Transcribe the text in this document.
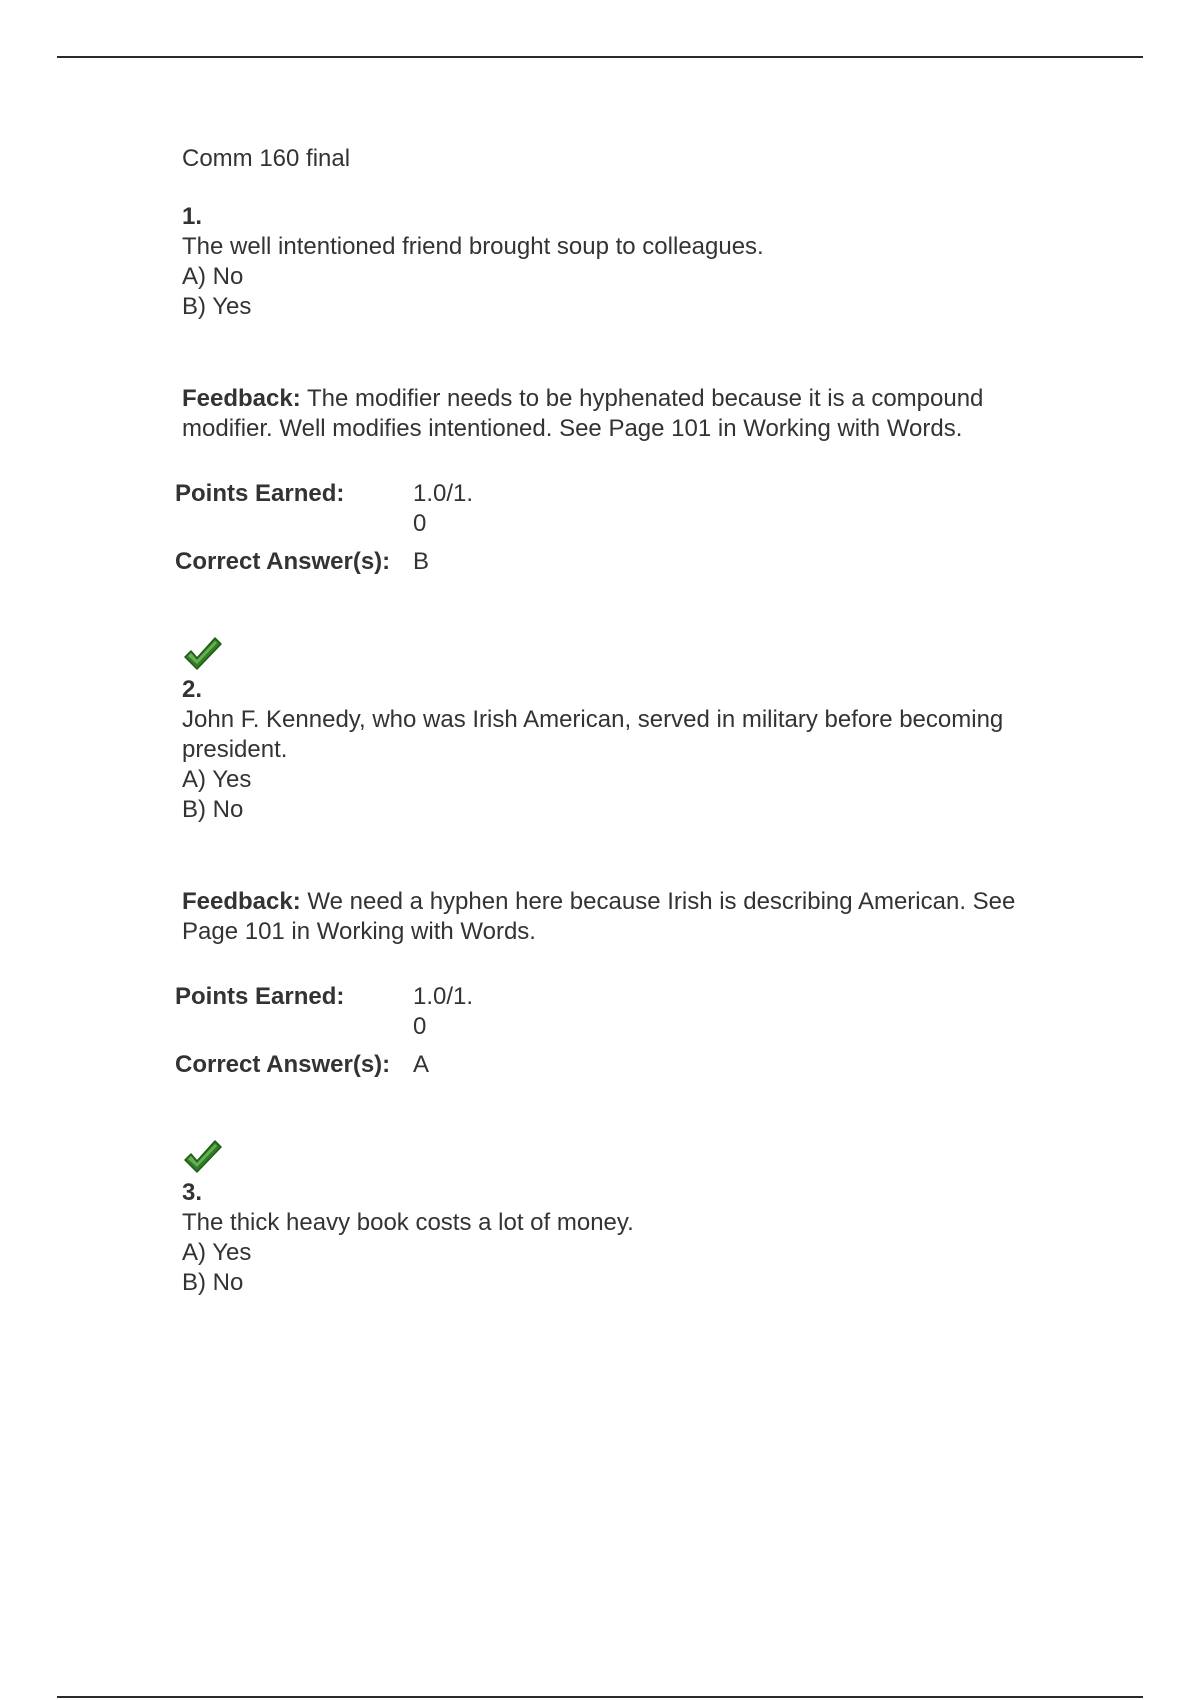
Comm 160 final
1.
The well intentioned friend brought soup to colleagues.
A) No
B) Yes
Feedback: The modifier needs to be hyphenated because it is a compound modifier. Well modifies intentioned. See Page 101 in Working with Words.
Points Earned:	1.0/1.0
Correct Answer(s):	B
2.
John F. Kennedy, who was Irish American, served in military before becoming president.
A) Yes
B) No
Feedback: We need a hyphen here because Irish is describing American. See Page 101 in Working with Words.
Points Earned:	1.0/1.0
Correct Answer(s):	A
3.
The thick heavy book costs a lot of money.
A) Yes
B) No
